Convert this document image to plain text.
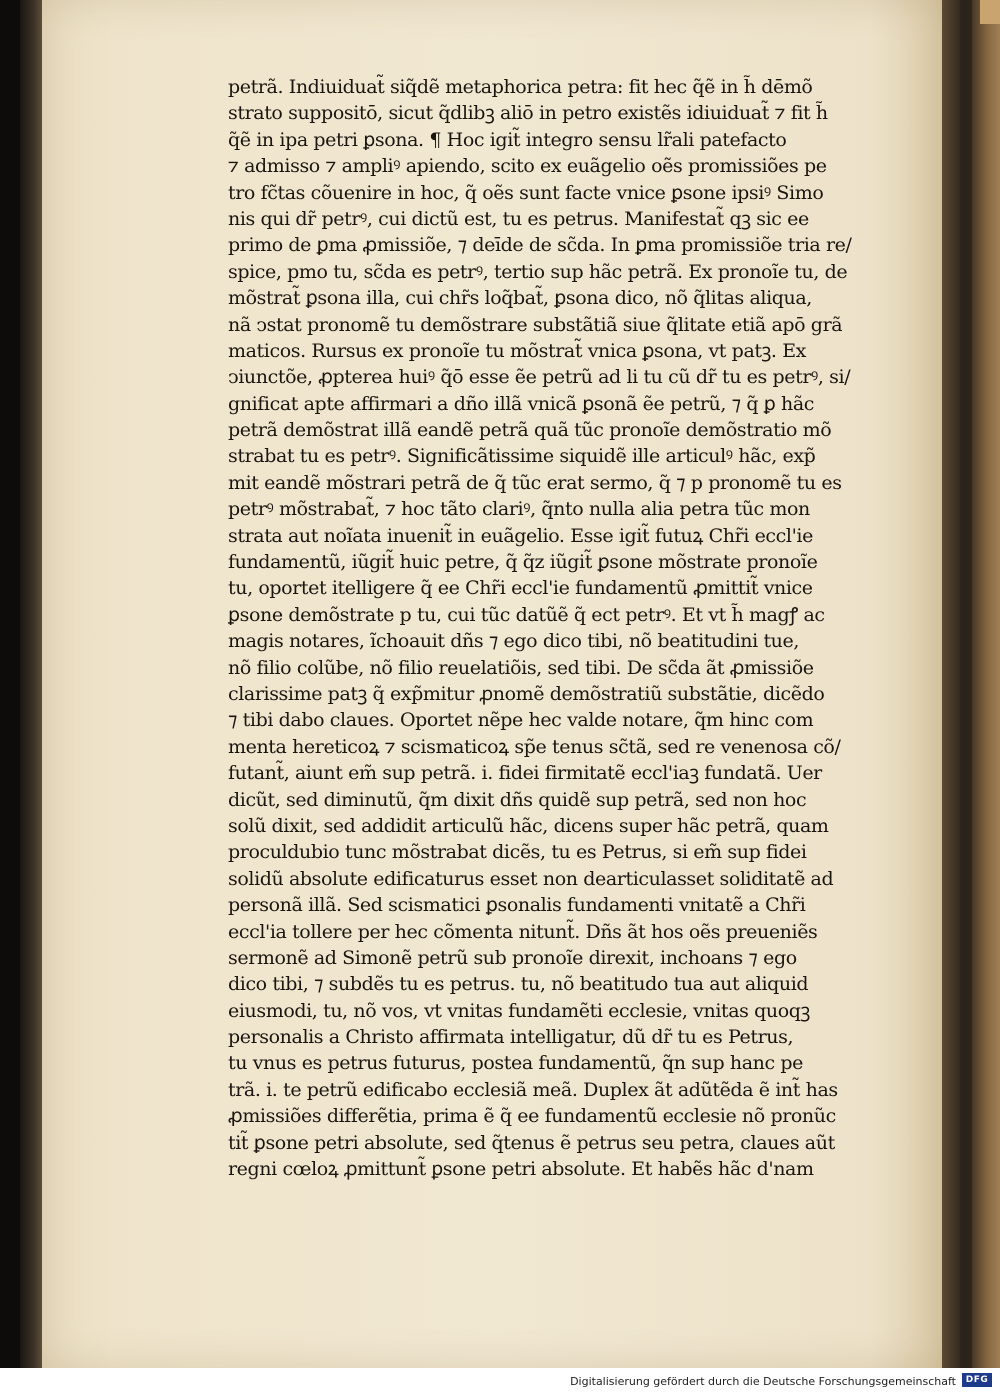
petrã. Indiuiduat̃ siq̃dẽ metaphorica petra: fit hec q̃ẽ in h̃ dēmõ
strato suppositō, sicut q̃dlibꝫ aliō in petro existẽs idiuiduat̃ ⁊ fit h̃
q̃ẽ in ipa petri ꝑsona. ¶ Hoc igit̃ integro sensu lr̃ali patefacto
⁊ admisso ⁊ ampliꝰ apiendo, scito ex euãgelio oẽs promissiões pe
tro fc̃tas cõuenire in hoc, q̃ oẽs sunt facte vnice ꝑsone ipsiꝰ Simo
nis qui dr̃ petrꝰ, cui dictũ est, tu es petrus. Manifestat̃ qꝫ sic ee
primo de ꝑma ꝓmissiõe, ⁊ deīde de sc̃da. In ꝑma promissiõe tria re/
spice, pmo tu, sc̃da es petrꝰ, tertio sup hãc petrã. Ex pronoĩe tu, de
mõstrat̃ ꝑsona illa, cui chr̃s loq̃bat̃, ꝑsona dico, nõ q̃litas aliqua,
nã ↄstat pronomẽ tu demõstrare substãtiã siue q̃litate etiã apō grã
maticos. Rursus ex pronoĩe tu mõstrat̃ vnica ꝑsona, vt patꝫ. Ex
ↄiunctõe, ꝓpterea huiꝰ q̃ō esse ẽe petrũ ad li tu cũ dr̃ tu es petrꝰ, si/
gnificat apte affirmari a dño illã vnicã ꝑsonã ẽe petrũ, ⁊ q̃ ꝑ hãc
petrã demõstrat illã eandẽ petrã quã tũc pronoĩe demõstratio mõ
strabat tu es petrꝰ. Significãtissime siquidẽ ille articulꝰ hãc, exp̃
mit eandẽ mõstrari petrã de q̃ tũc erat sermo, q̃ ⁊ p pronomẽ tu es
petrꝰ mõstrabat̃, ⁊ hoc tãto clariꝰ, q̃nto nulla alia petra tũc mon
strata aut noĩata inuenit̃ in euãgelio. Esse igit̃ futuꝝ Chr̃i eccl'ie
fundamentũ, iũgit̃ huic petre, q̃ q̃z iũgit̃ ꝑsone mõstrate pronoĩe
tu, oportet itelligere q̃ ee Chr̃i eccl'ie fundamentũ ꝓmittit̃ vnice
ꝑsone demõstrate p tu, cui tũc datũẽ q̃ ect petrꝰ. Et vt h̃ magꝭ ac
magis notares, ĩchoauit dñs ⁊ ego dico tibi, nõ beatitudini tue,
nõ filio colũbe, nõ filio reuelatiõis, sed tibi. De sc̃da ãt ꝓmissiõe
clarissime patꝫ q̃ exp̃mitur ꝓnomẽ demõstratiũ substãtie, dicẽdo
⁊ tibi dabo claues. Oportet nẽpe hec valde notare, q̃m hinc com
menta hereticoꝝ ⁊ scismaticoꝝ sp̃e tenus sc̃tã, sed re venenosa cõ/
futant̃, aiunt em̃ sup petrã. i. fidei firmitatẽ eccl'iaꝫ fundatã. Uer
dicũt, sed diminutũ, q̃m dixit dñs quidẽ sup petrã, sed non hoc
solũ dixit, sed addidit articulũ hãc, dicens super hãc petrã, quam
proculdubio tunc mõstrabat dicẽs, tu es Petrus, si em̃ sup fidei
solidũ absolute edificaturus esset non dearticulasset soliditatẽ ad
personã illã. Sed scismatici ꝑsonalis fundamenti vnitatẽ a Chr̃i
eccl'ia tollere per hec cõmenta nitunt̃. Dñs ãt hos oẽs preueniẽs
sermonẽ ad Simonẽ petrũ sub pronoĩe direxit, inchoans ⁊ ego
dico tibi, ⁊ subdẽs tu es petrus. tu, nõ beatitudo tua aut aliquid
eiusmodi, tu, nõ vos, vt vnitas fundamẽti ecclesie, vnitas quoqꝫ
personalis a Christo affirmata intelligatur, dũ dr̃ tu es Petrus,
tu vnus es petrus futurus, postea fundamentũ, q̃n sup hanc pe
trã. i. te petrũ edificabo ecclesiã meã. Duplex ãt adũtẽda ẽ int̃ has
ꝓmissiões differẽtia, prima ẽ q̃ ee fundamentũ ecclesie nõ pronũc
tit̃ ꝑsone petri absolute, sed q̃tenus ẽ petrus seu petra, claues aũt
regni cœloꝝ ꝓmittunt̃ ꝑsone petri absolute. Et habẽs hãc d'nam
Digitalisierung gefördert durch die Deutsche Forschungsgemeinschaft	DFG
